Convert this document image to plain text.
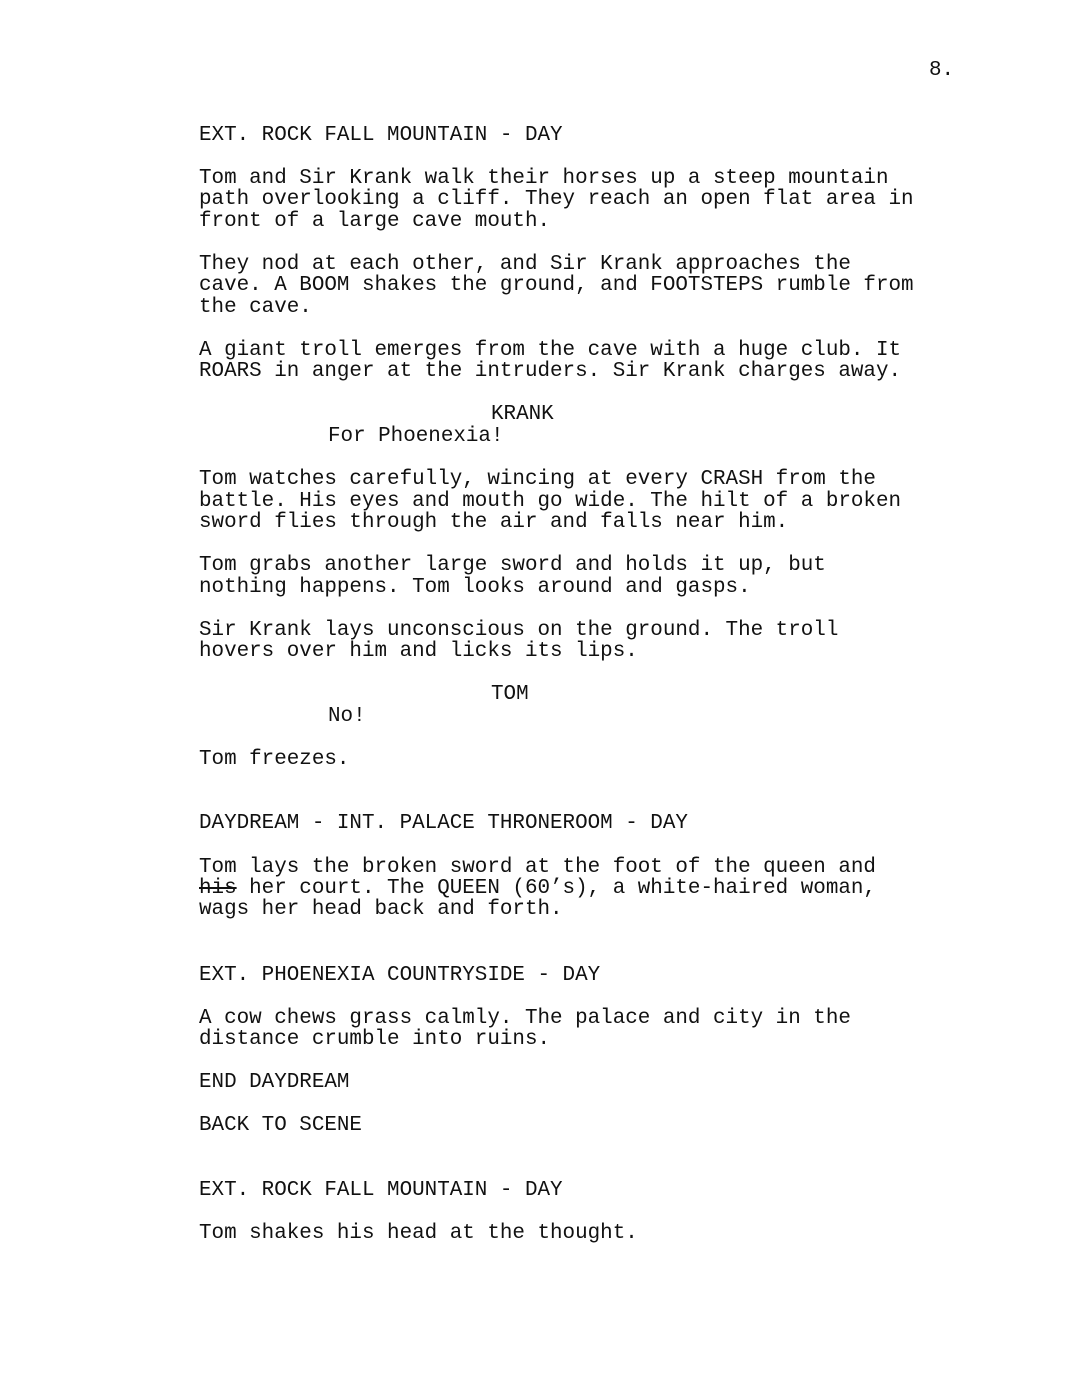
8.
EXT. ROCK FALL MOUNTAIN - DAY
Tom and Sir Krank walk their horses up a steep mountain
path overlooking a cliff. They reach an open flat area in
front of a large cave mouth.
They nod at each other, and Sir Krank approaches the
cave. A BOOM shakes the ground, and FOOTSTEPS rumble from
the cave.
A giant troll emerges from the cave with a huge club. It
ROARS in anger at the intruders. Sir Krank charges away.
KRANK
For Phoenexia!
Tom watches carefully, wincing at every CRASH from the
battle. His eyes and mouth go wide. The hilt of a broken
sword flies through the air and falls near him.
Tom grabs another large sword and holds it up, but
nothing happens. Tom looks around and gasps.
Sir Krank lays unconscious on the ground. The troll
hovers over him and licks its lips.
TOM
No!
Tom freezes.
DAYDREAM - INT. PALACE THRONEROOM - DAY
Tom lays the broken sword at the foot of the queen and
his her court. The QUEEN (60’s), a white-haired woman,
wags her head back and forth.
EXT. PHOENEXIA COUNTRYSIDE - DAY
A cow chews grass calmly. The palace and city in the
distance crumble into ruins.
END DAYDREAM
BACK TO SCENE
EXT. ROCK FALL MOUNTAIN - DAY
Tom shakes his head at the thought.
